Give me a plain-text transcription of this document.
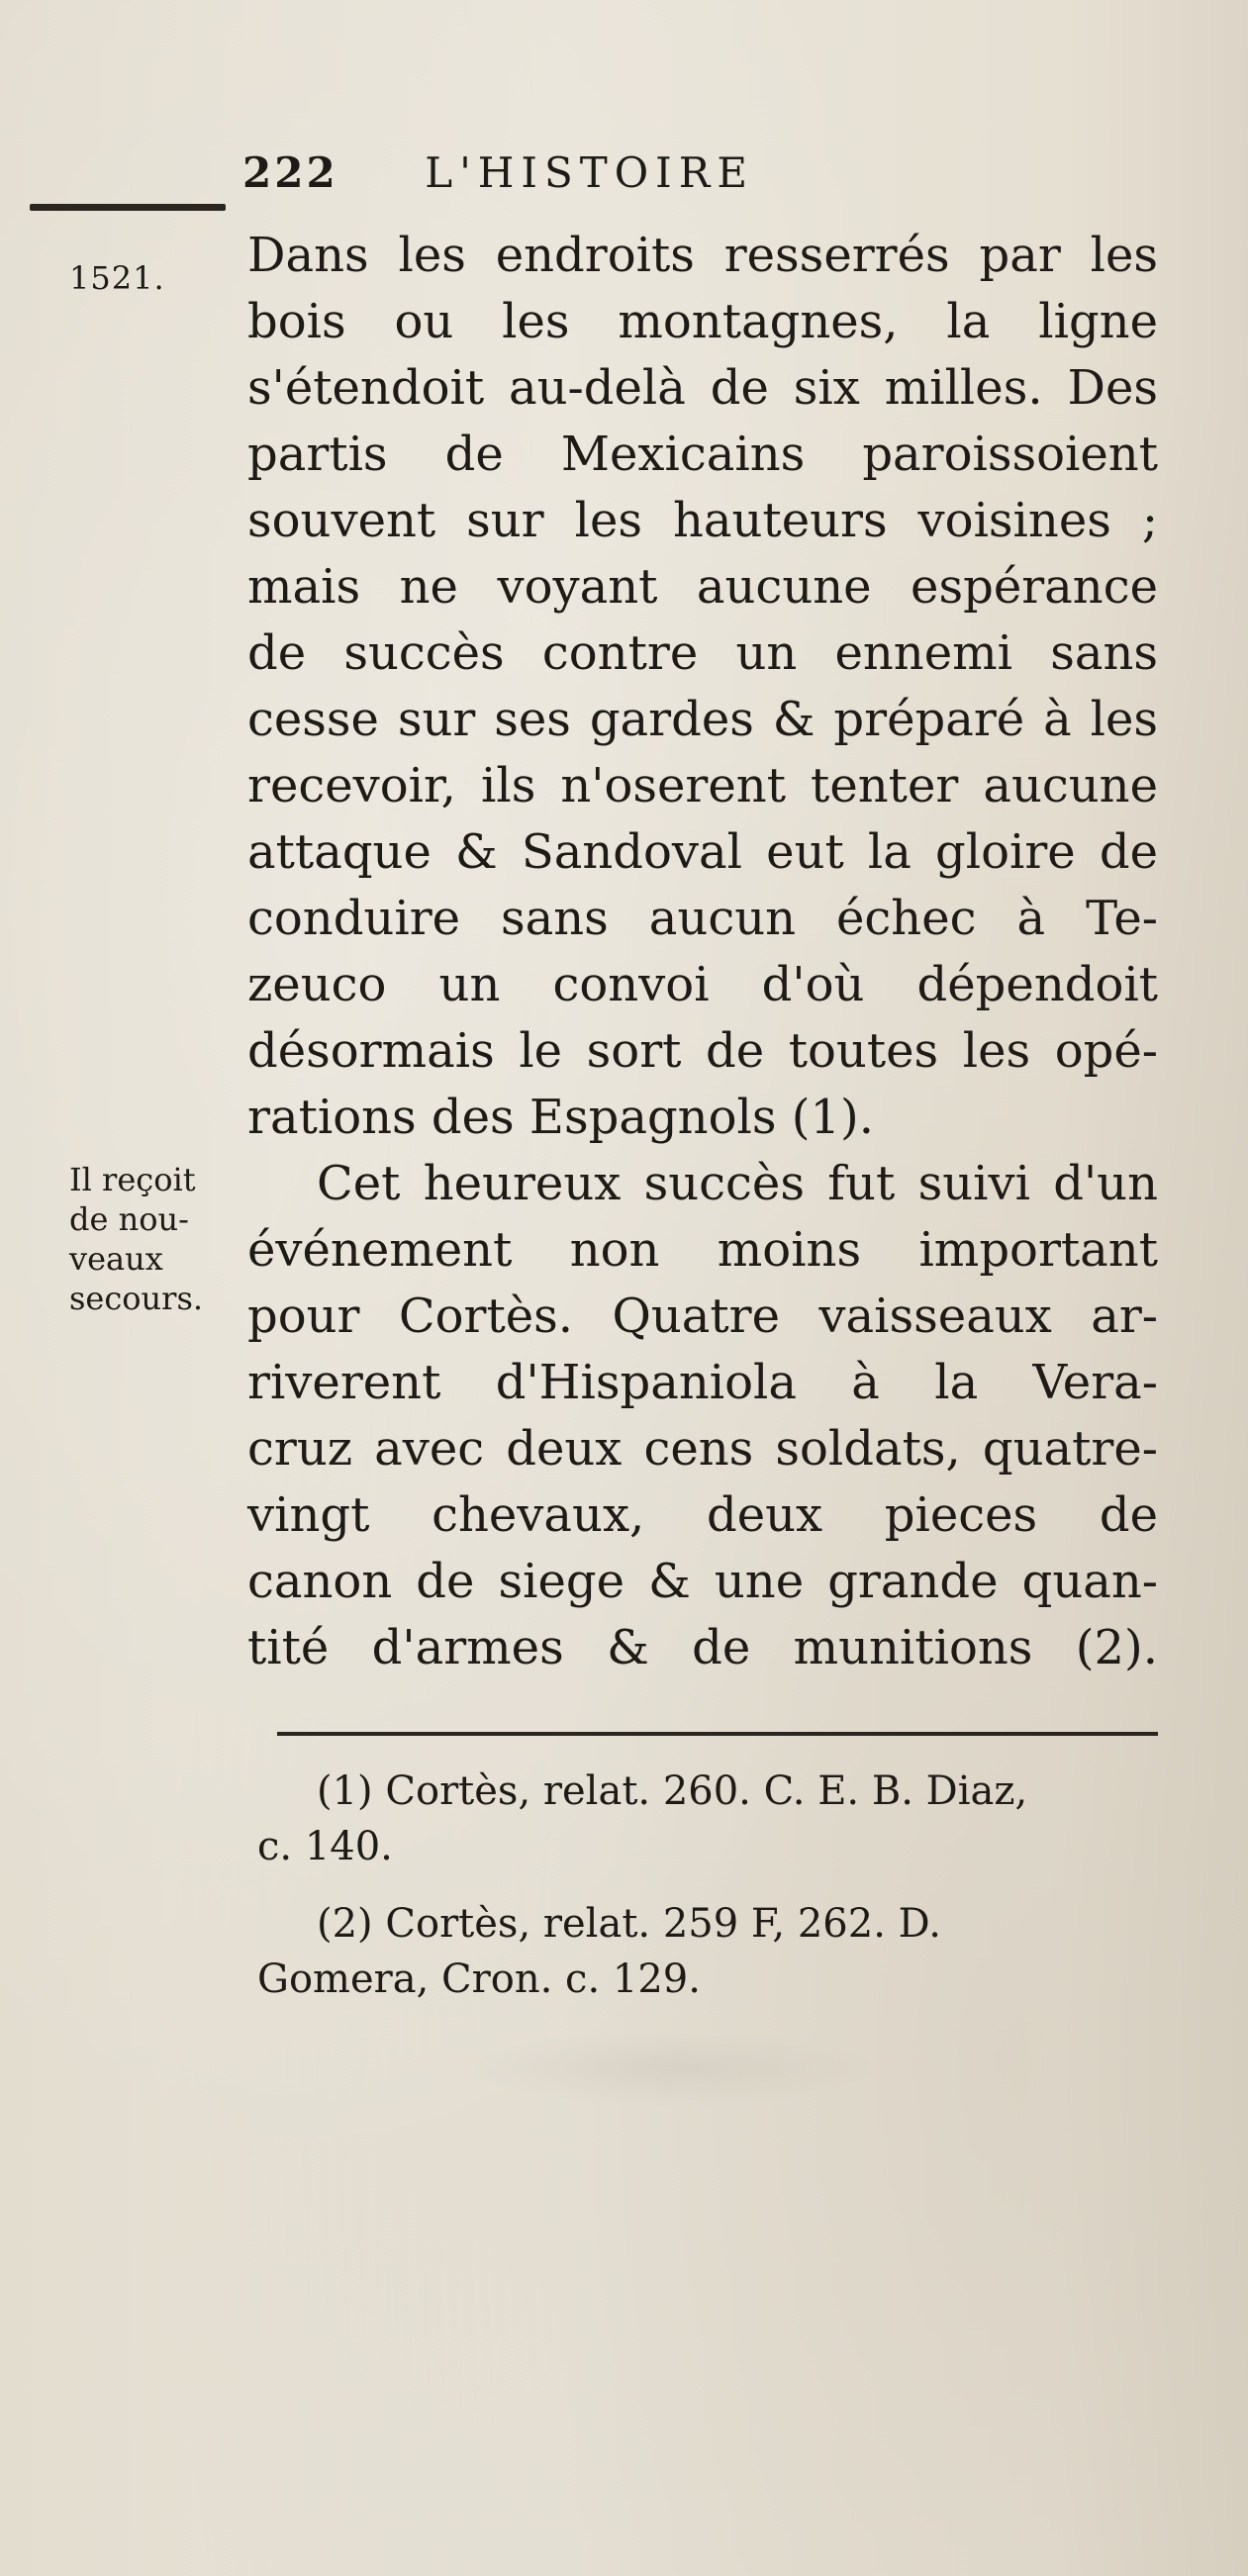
222 L'HISTOIRE
1521.
Il reçoit
de nou-
veaux
secours.
Dans les endroits resserrés par les
bois ou les montagnes, la ligne
s'étendoit au-delà de six milles. Des
partis de Mexicains paroissoient
souvent sur les hauteurs voisines ;
mais ne voyant aucune espérance
de succès contre un ennemi sans
cesse sur ses gardes & préparé à les
recevoir, ils n'oserent tenter aucune
attaque & Sandoval eut la gloire de
conduire sans aucun échec à Te-
zeuco un convoi d'où dépendoit
désormais le sort de toutes les opé-
rations des Espagnols (1).
Cet heureux succès fut suivi d'un
événement non moins important
pour Cortès. Quatre vaisseaux ar-
riverent d'Hispaniola à la Vera-
cruz avec deux cens soldats, quatre-
vingt chevaux, deux pieces de
canon de siege & une grande quan-
tité d'armes & de munitions (2).
(1) Cortès, relat. 260. C. E. B. Diaz,
c. 140.
(2) Cortès, relat. 259 F, 262. D.
Gomera, Cron. c. 129.
